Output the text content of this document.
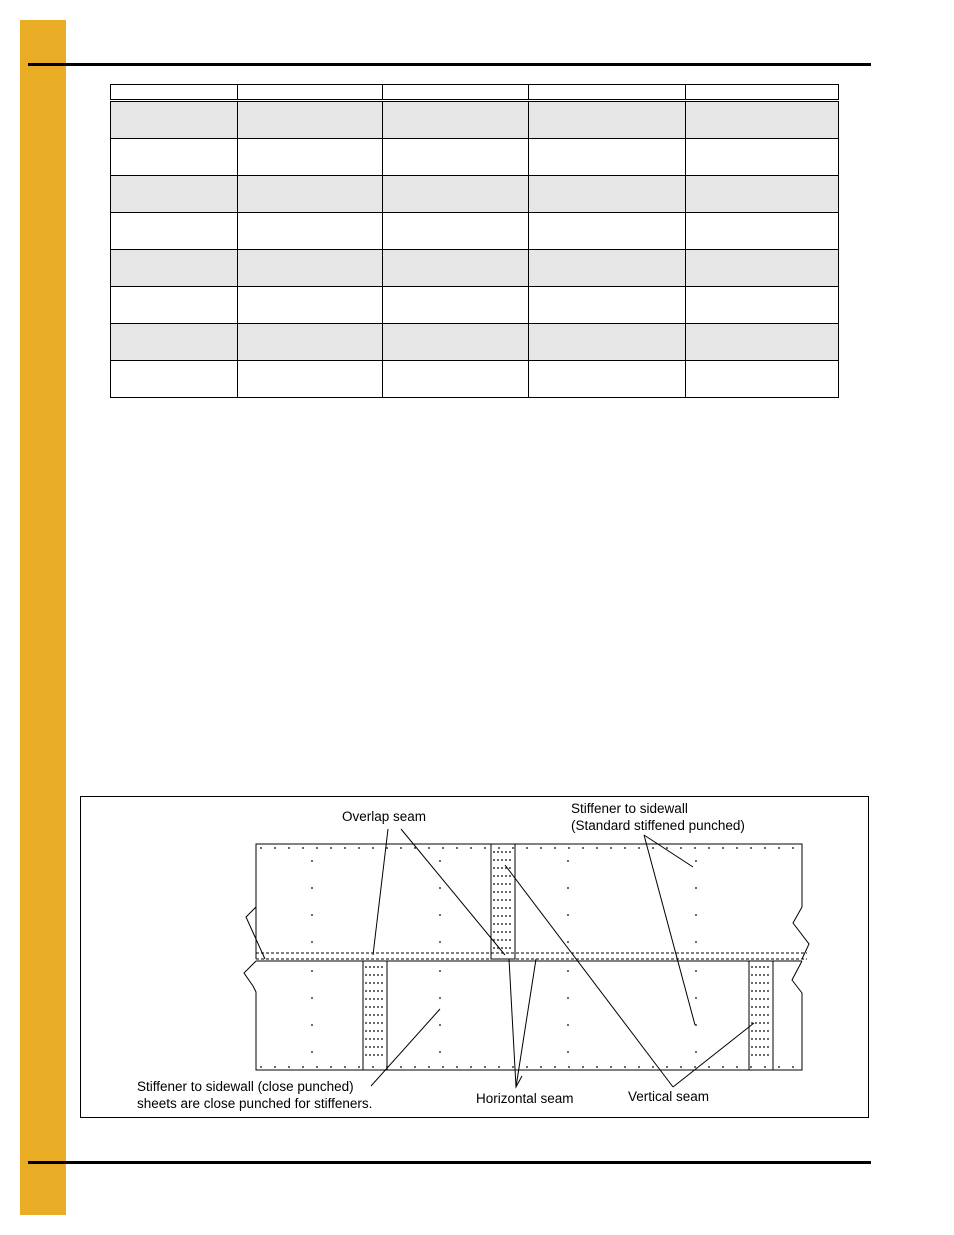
Overlap seam
Stiffener to sidewall
(Standard stiffened punched)
Stiffener to sidewall (close punched)
sheets are close punched for stiffeners.	Horizontal seam	Vertical seam
